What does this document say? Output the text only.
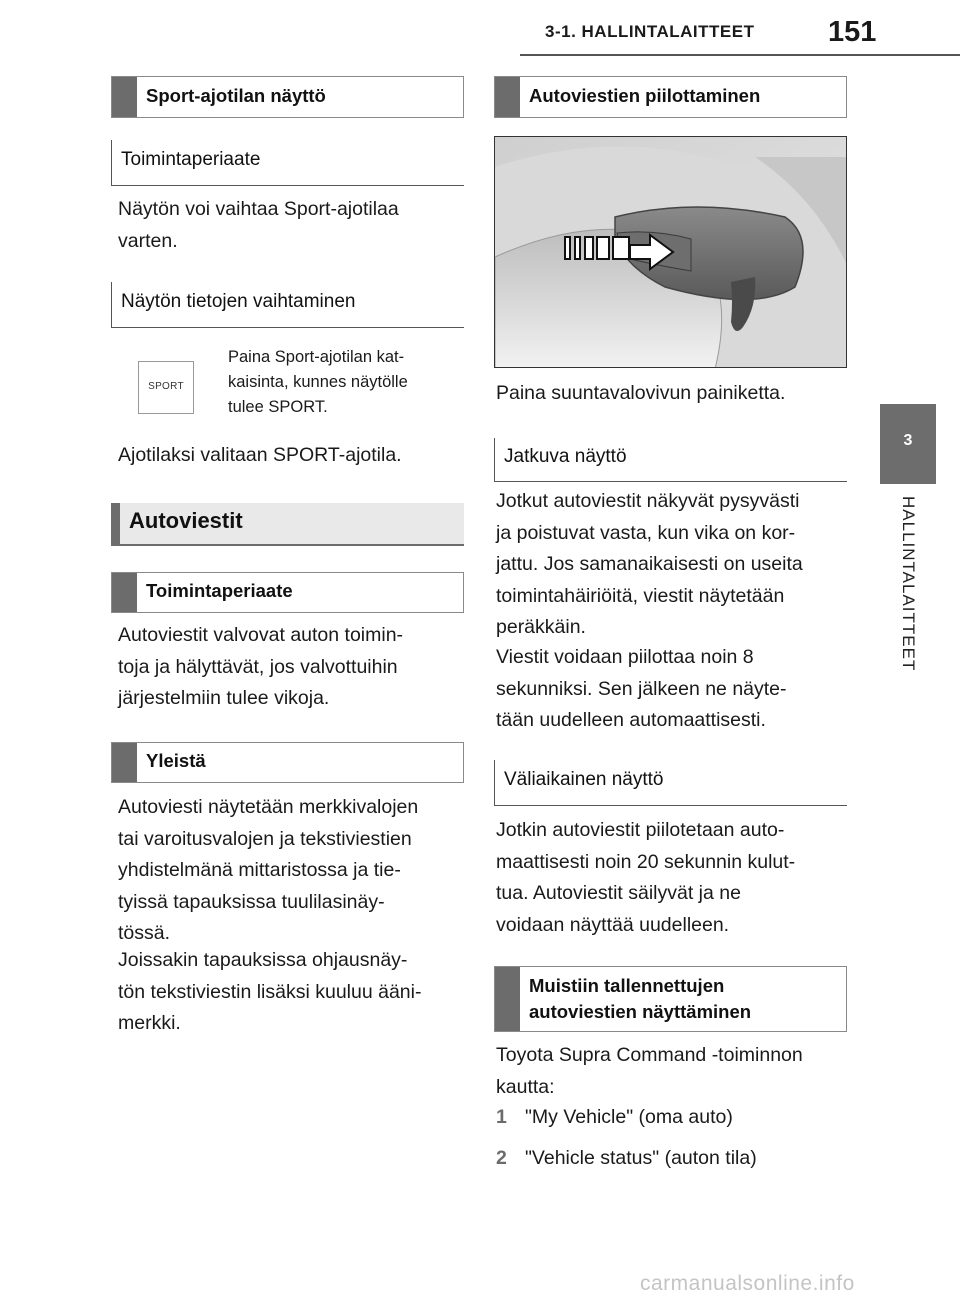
3-1. HALLINTALAITTEET	151
3
HALLINTALAITTEET
Sport-ajotilan näyttö
Toimintaperiaate
Näytön voi vaihtaa Sport-ajotilaa
varten.
Näytön tietojen vaihtaminen
SPORT
Paina Sport-ajotilan kat-
kaisinta, kunnes näytölle
tulee SPORT.
Ajotilaksi valitaan SPORT-ajotila.
Autoviestit
Toimintaperiaate
Autoviestit valvovat auton toimin-
toja ja hälyttävät, jos valvottuihin
järjestelmiin tulee vikoja.
Yleistä
Autoviesti näytetään merkkivalojen
tai varoitusvalojen ja tekstiviestien
yhdistelmänä mittaristossa ja tie-
tyissä tapauksissa tuulilasinäy-
tössä.
Joissakin tapauksissa ohjausnäy-
tön tekstiviestin lisäksi kuuluu ääni-
merkki.
Autoviestien piilottaminen
Paina suuntavalovivun painiketta.
Jatkuva näyttö
Jotkut autoviestit näkyvät pysyvästi
ja poistuvat vasta, kun vika on kor-
jattu. Jos samanaikaisesti on useita
toimintahäiriöitä, viestit näytetään
peräkkäin.
Viestit voidaan piilottaa noin 8
sekunniksi. Sen jälkeen ne näyte-
tään uudelleen automaattisesti.
Väliaikainen näyttö
Jotkin autoviestit piilotetaan auto-
maattisesti noin 20 sekunnin kulut-
tua. Autoviestit säilyvät ja ne
voidaan näyttää uudelleen.
Muistiin tallennettujen
autoviestien näyttäminen
Toyota Supra Command -toiminnon
kautta:
1 "My Vehicle" (oma auto)
2 "Vehicle status" (auton tila)
carmanualsonline.info
